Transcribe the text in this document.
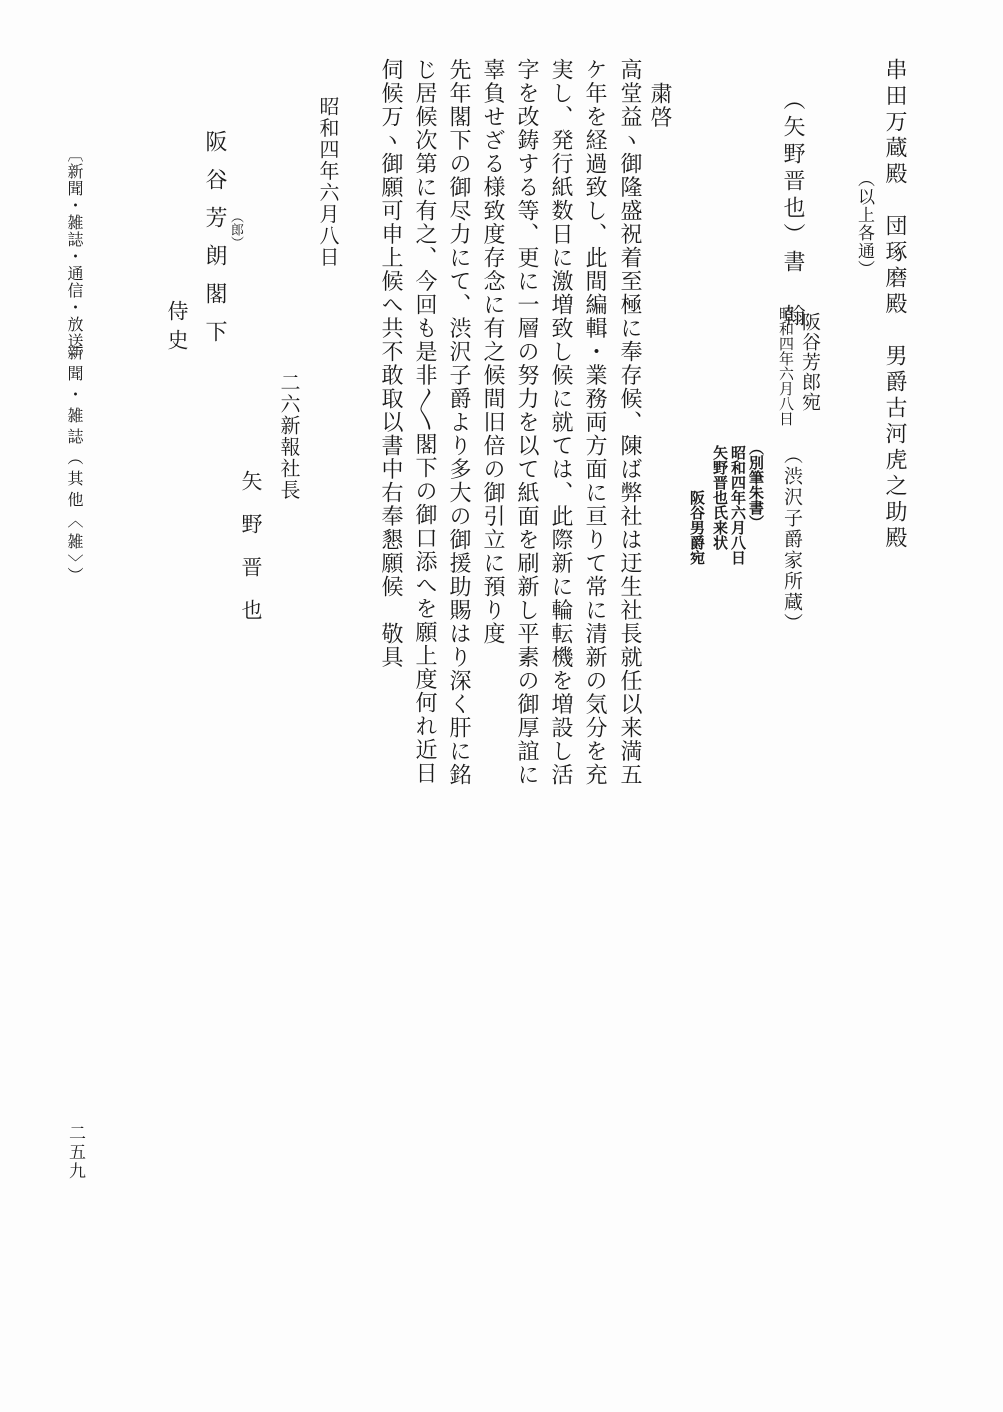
串田万蔵殿　団琢磨殿　男爵古河虎之助殿
（以上各通）
（渋沢子爵家所蔵）
（別筆朱書）
昭和四年六月八日
矢野晋也氏来状
阪谷男爵宛
阪谷芳郎宛
昭和四年六月八日
（矢野晋也）書　翰
粛啓
高堂益ヽ御隆盛祝着至極に奉存候、陳ば弊社は迂生社長就任以来満五
ケ年を経過致し、此間編輯・業務両方面に亘りて常に清新の気分を充
実し、発行紙数日に激増致し候に就ては、此際新に輪転機を増設し活
字を改鋳する等、更に一層の努力を以て紙面を刷新し平素の御厚誼に
辜負せざる様致度存念に有之候間旧倍の御引立に預り度
先年閣下の御尽力にて、渋沢子爵より多大の御援助賜はり深く肝に銘
じ居候次第に有之、今回も是非〳〵閣下の御口添へを願上度何れ近日
伺候万ヽ御願可申上候へ共不敢取以書中右奉懇願候　敬具
昭和四年六月八日
二六新報社長
矢野晋也
阪谷芳朗閣下 （郎）
侍史
〔新聞・雑誌・通信・放送〕
新聞・雑誌（其他〈雑〉）
二五九
